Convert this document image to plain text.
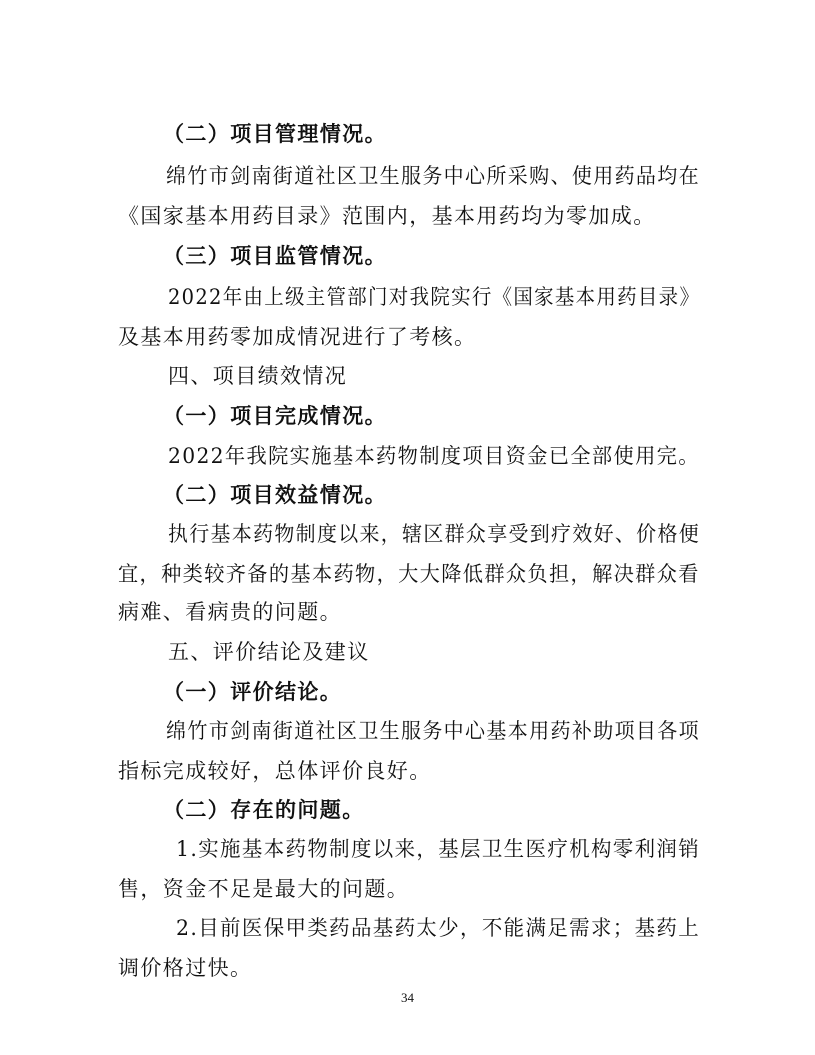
（二）项目管理情况。
绵竹市剑南街道社区卫生服务中心所采购、使用药品均在
《国家基本用药目录》范围内，基本用药均为零加成。
（三）项目监管情况。
2022年由上级主管部门对我院实行《国家基本用药目录》
及基本用药零加成情况进行了考核。
四、项目绩效情况
（一）项目完成情况。
2022年我院实施基本药物制度项目资金已全部使用完。
（二）项目效益情况。
执行基本药物制度以来，辖区群众享受到疗效好、价格便
宜，种类较齐备的基本药物，大大降低群众负担，解决群众看
病难、看病贵的问题。
五、评价结论及建议
（一）评价结论。
绵竹市剑南街道社区卫生服务中心基本用药补助项目各项
指标完成较好，总体评价良好。
（二）存在的问题。
1.实施基本药物制度以来，基层卫生医疗机构零利润销
售，资金不足是最大的问题。
2.目前医保甲类药品基药太少，不能满足需求；基药上
调价格过快。
34
